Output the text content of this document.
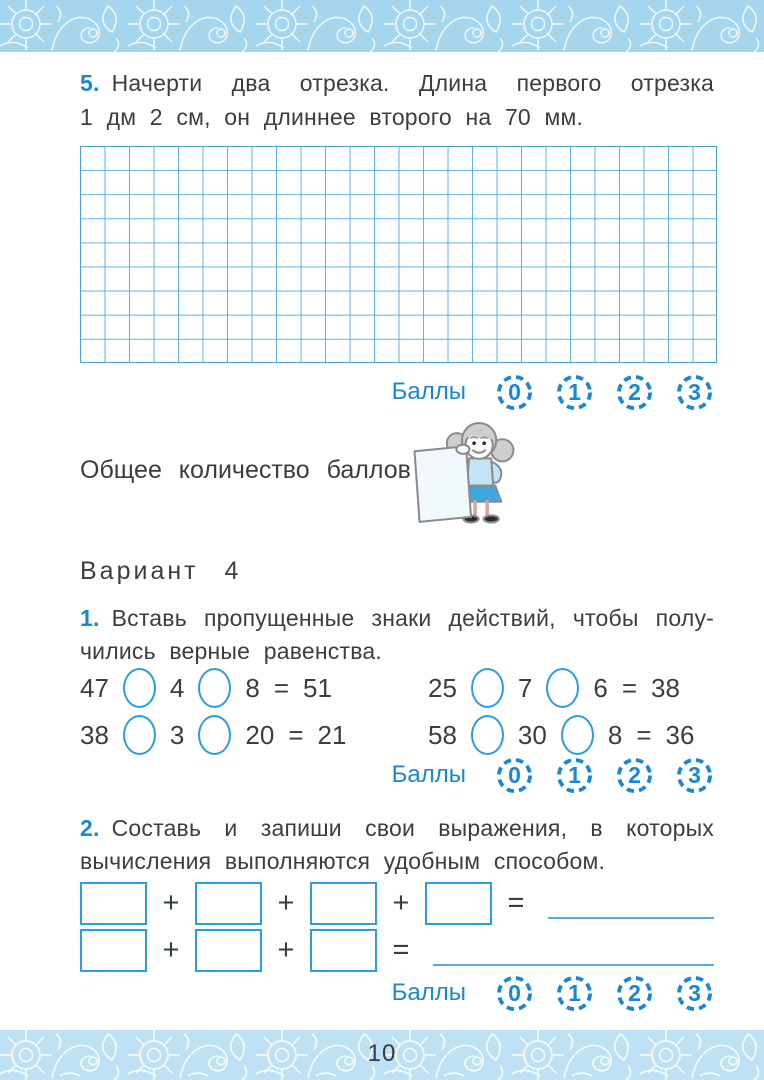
5. Начерти два отрезка. Длина первого отрезка
1 дм 2 см, он длиннее второго на 70 мм.
Баллы	0	1	2	3
Общее количество баллов
Вариант 4
1. Вставь пропущенные знаки действий, чтобы полу-
чились верные равенства.
47 4 8 = 51	25 7 6 = 38
38 3 20 = 21	58 30 8 = 36
Баллы	0	1	2	3
2. Составь и запиши свои выражения, в которых
вычисления выполняются удобным способом.
+	+	+	=
+	+	=
Баллы	0	1	2	3
10
